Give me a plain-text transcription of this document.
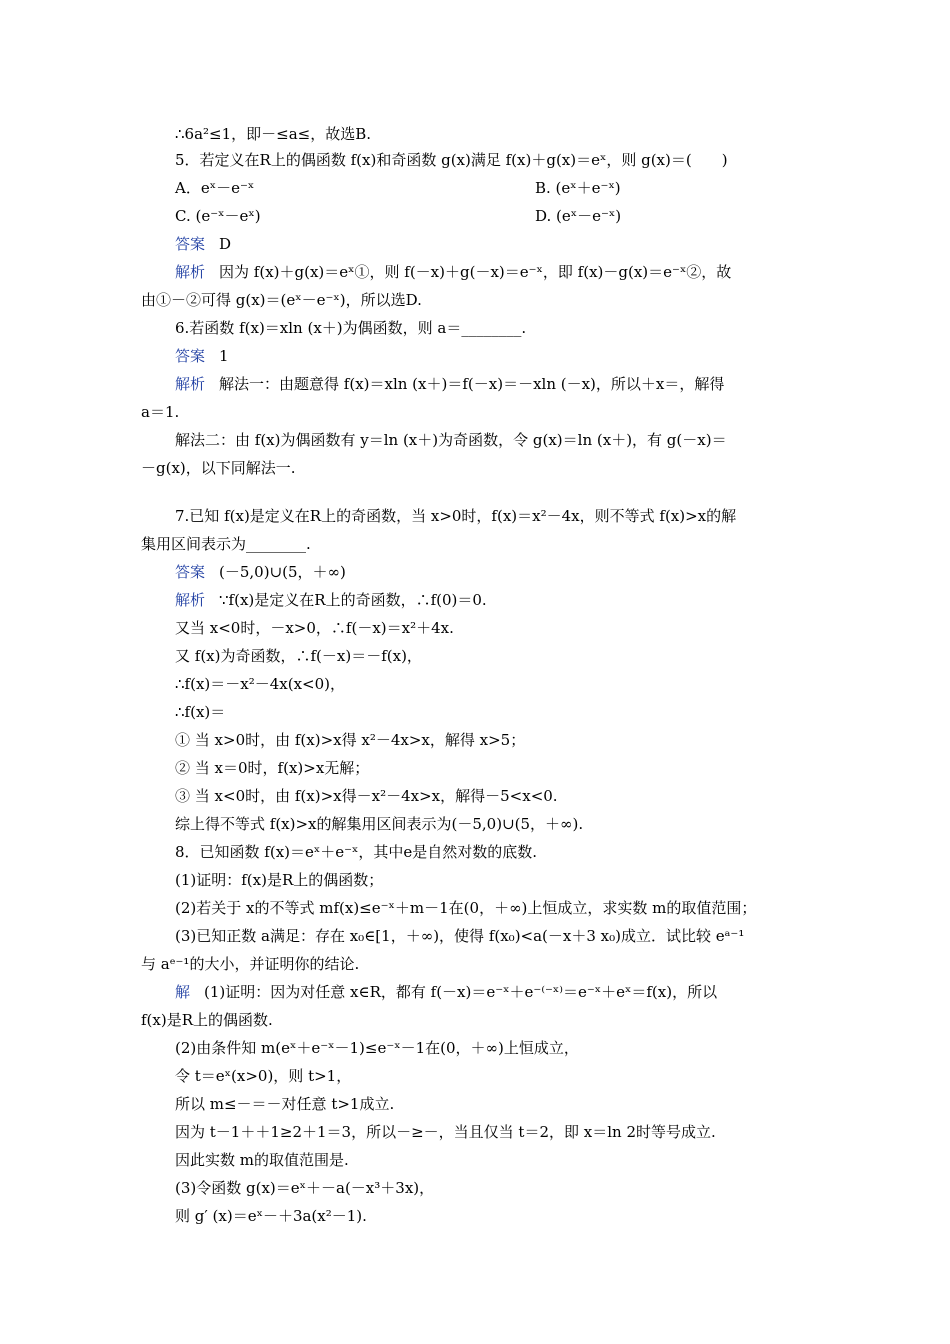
∴6a²≤1，即－≤a≤，故选B.
5．若定义在R上的偶函数 f(x)和奇函数 g(x)满足 f(x)＋g(x)＝eˣ，则 g(x)＝(　　)
A．eˣ－e⁻ˣ	B. (eˣ＋e⁻ˣ)
C. (e⁻ˣ－eˣ)	D. (eˣ－e⁻ˣ)
答案 D
解析 因为 f(x)＋g(x)＝eˣ①，则 f(－x)＋g(－x)＝e⁻ˣ，即 f(x)－g(x)＝e⁻ˣ②，故
由①－②可得 g(x)＝(eˣ－e⁻ˣ)，所以选D.
6.若函数 f(x)＝xln (x＋)为偶函数，则 a＝________.
答案 1
解析 解法一：由题意得 f(x)＝xln (x＋)＝f(－x)＝－xln (－x)，所以＋x＝，解得
a＝1.
解法二：由 f(x)为偶函数有 y＝ln (x＋)为奇函数，令 g(x)＝ln (x＋)，有 g(－x)＝
－g(x)，以下同解法一.
7.已知 f(x)是定义在R上的奇函数，当 x>0时，f(x)＝x²－4x，则不等式 f(x)>x的解
集用区间表示为________.
答案 (－5,0)∪(5，＋∞)
解析 ∵f(x)是定义在R上的奇函数，∴f(0)＝0.
又当 x<0时，－x>0，∴f(－x)＝x²＋4x.
又 f(x)为奇函数，∴f(－x)＝－f(x)，
∴f(x)＝－x²－4x(x<0)，
∴f(x)＝
① 当 x>0时，由 f(x)>x得 x²－4x>x，解得 x>5；
② 当 x＝0时，f(x)>x无解；
③ 当 x<0时，由 f(x)>x得－x²－4x>x，解得－5<x<0.
综上得不等式 f(x)>x的解集用区间表示为(－5,0)∪(5，＋∞).
8．已知函数 f(x)＝eˣ＋e⁻ˣ，其中e是自然对数的底数.
(1)证明：f(x)是R上的偶函数；
(2)若关于 x的不等式 mf(x)≤e⁻ˣ＋m－1在(0，＋∞)上恒成立，求实数 m的取值范围；
(3)已知正数 a满足：存在 x₀∈[1，＋∞)，使得 f(x₀)<a(－x＋3 x₀)成立．试比较 eᵃ⁻¹
与 aᵉ⁻¹的大小，并证明你的结论.
解 (1)证明：因为对任意 x∈R，都有 f(－x)＝e⁻ˣ＋e⁻⁽⁻ˣ⁾＝e⁻ˣ＋eˣ＝f(x)，所以
f(x)是R上的偶函数.
(2)由条件知 m(eˣ＋e⁻ˣ－1)≤e⁻ˣ－1在(0，＋∞)上恒成立，
令 t＝eˣ(x>0)，则 t>1，
所以 m≤－＝－对任意 t>1成立.
因为 t－1＋＋1≥2＋1＝3，所以－≥－，当且仅当 t＝2，即 x＝ln 2时等号成立.
因此实数 m的取值范围是.
(3)令函数 g(x)＝eˣ＋－a(－x³＋3x)，
则 g′ (x)＝eˣ－＋3a(x²－1).
